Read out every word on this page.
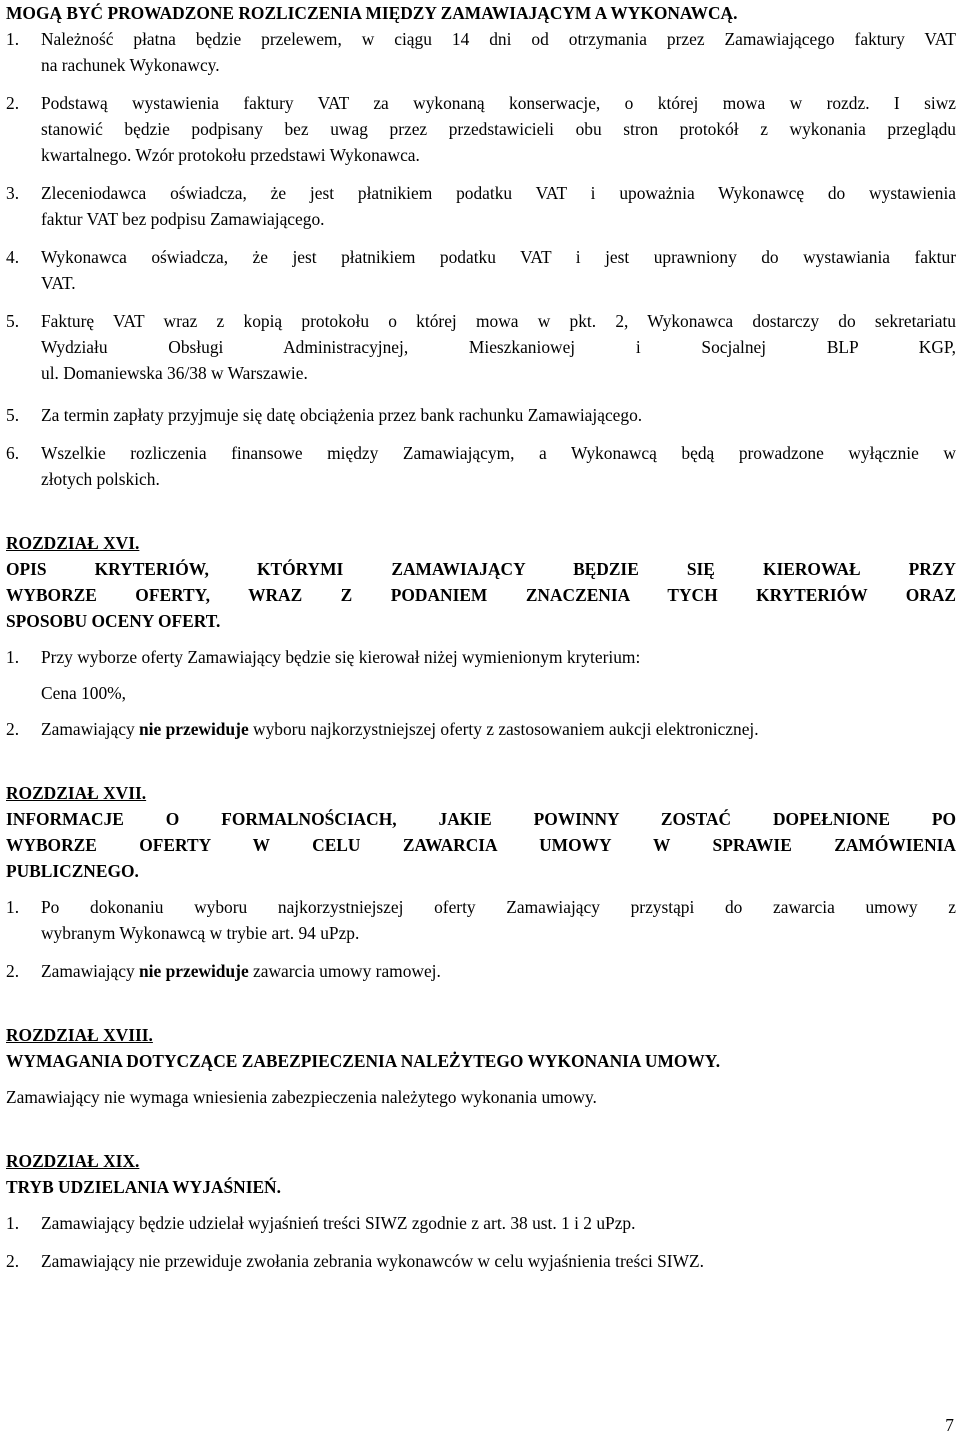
MOGĄ BYĆ PROWADZONE ROZLICZENIA MIĘDZY ZAMAWIAJĄCYM A WYKONAWCĄ.

1. Należność płatna będzie przelewem, w ciągu 14 dni od otrzymania przez Zamawiającego faktury VAT
na rachunek Wykonawcy.
2. Podstawą wystawienia faktury VAT za wykonaną konserwacje, o której mowa w rozdz. I siwz
stanowić będzie podpisany bez uwag przez przedstawicieli obu stron protokół z wykonania przeglądu
kwartalnego. Wzór protokołu przedstawi Wykonawca.
3. Zleceniodawca oświadcza, że jest płatnikiem podatku VAT i upoważnia Wykonawcę do wystawienia
faktur VAT bez podpisu Zamawiającego.
4. Wykonawca oświadcza, że jest płatnikiem podatku VAT i jest uprawniony do wystawiania faktur
VAT.
5. Fakturę VAT wraz z kopią protokołu o której mowa w pkt. 2, Wykonawca dostarczy do sekretariatu
Wydziału Obsługi Administracyjnej, Mieszkaniowej i Socjalnej BLP KGP,
ul. Domaniewska 36/38 w Warszawie.
5. Za termin zapłaty przyjmuje się datę obciążenia przez bank rachunku Zamawiającego.
6. Wszelkie rozliczenia finansowe między Zamawiającym, a Wykonawcą będą prowadzone wyłącznie w
złotych polskich.

ROZDZIAŁ XVI.

OPIS KRYTERIÓW, KTÓRYMI ZAMAWIAJĄCY BĘDZIE SIĘ KIEROWAŁ PRZY
WYBORZE OFERTY, WRAZ Z PODANIEM ZNACZENIA TYCH KRYTERIÓW ORAZ
SPOSOBU OCENY OFERT.
1. Przy wyborze oferty Zamawiający będzie się kierował niżej wymienionym kryterium:
Cena 100%,
2. Zamawiający nie przewiduje wyboru najkorzystniejszej oferty z zastosowaniem aukcji elektronicznej.

ROZDZIAŁ XVII.

INFORMACJE O FORMALNOŚCIACH, JAKIE POWINNY ZOSTAĆ DOPEŁNIONE PO
WYBORZE OFERTY W CELU ZAWARCIA UMOWY W SPRAWIE ZAMÓWIENIA
PUBLICZNEGO.
1. Po dokonaniu wyboru najkorzystniejszej oferty Zamawiający przystąpi do zawarcia umowy z
wybranym Wykonawcą w trybie art. 94 uPzp.
2. Zamawiający nie przewiduje zawarcia umowy ramowej.

ROZDZIAŁ XVIII.

WYMAGANIA DOTYCZĄCE ZABEZPIECZENIA NALEŻYTEGO WYKONANIA UMOWY.

Zamawiający nie wymaga wniesienia zabezpieczenia należytego wykonania umowy.

ROZDZIAŁ XIX.

TRYB UDZIELANIA WYJAŚNIEŃ.
1. Zamawiający będzie udzielał wyjaśnień treści SIWZ zgodnie z art. 38 ust. 1 i 2 uPzp.
2. Zamawiający nie przewiduje zwołania zebrania wykonawców w celu wyjaśnienia treści SIWZ.
7
